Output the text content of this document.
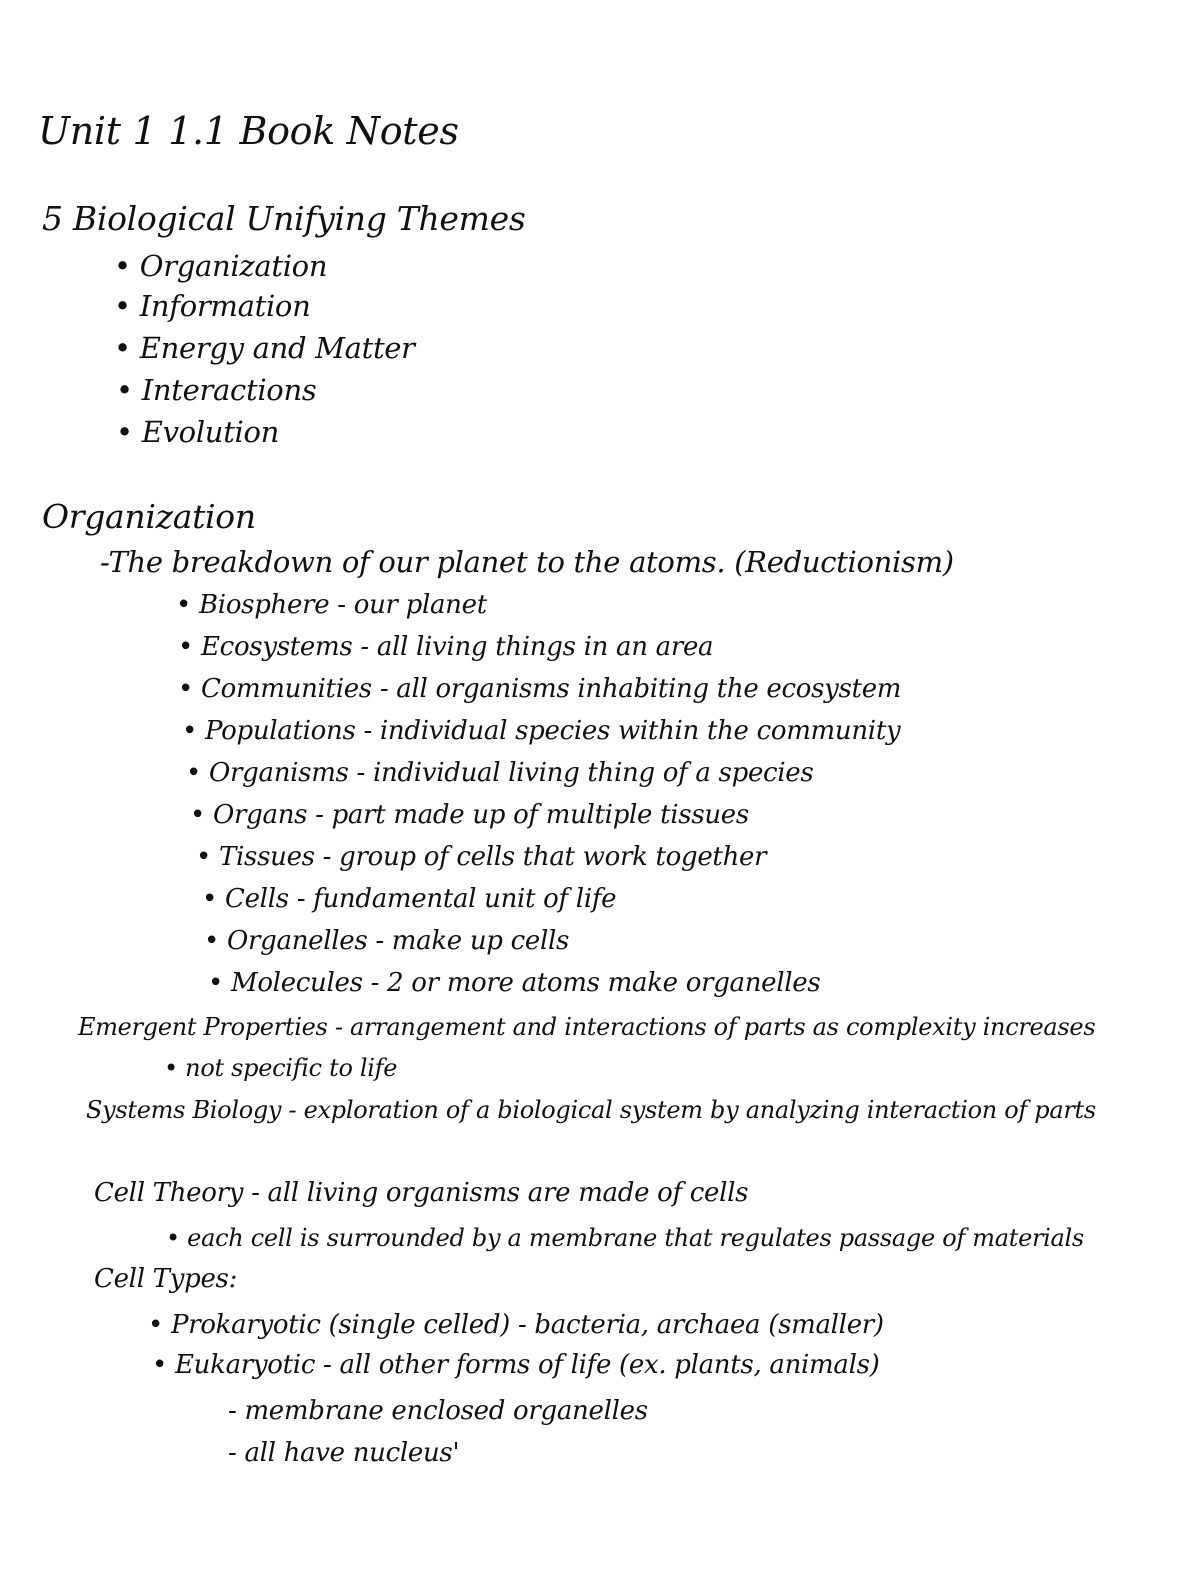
Unit 1 1.1 Book Notes
5 Biological Unifying Themes
• Organization
• Information
• Energy and Matter
• Interactions
• Evolution
Organization
-The breakdown of our planet to the atoms. (Reductionism)
• Biosphere - our planet
• Ecosystems - all living things in an area
• Communities - all organisms inhabiting the ecosystem
• Populations - individual species within the community
• Organisms - individual living thing of a species
• Organs - part made up of multiple tissues
• Tissues - group of cells that work together
• Cells - fundamental unit of life
• Organelles - make up cells
• Molecules - 2 or more atoms make organelles
Emergent Properties - arrangement and interactions of parts as complexity increases
• not specific to life
Systems Biology - exploration of a biological system by analyzing interaction of parts
Cell Theory - all living organisms are made of cells
• each cell is surrounded by a membrane that regulates passage of materials
Cell Types:
• Prokaryotic (single celled) - bacteria, archaea (smaller)
• Eukaryotic - all other forms of life (ex. plants, animals)
- membrane enclosed organelles
- all have nucleus'
